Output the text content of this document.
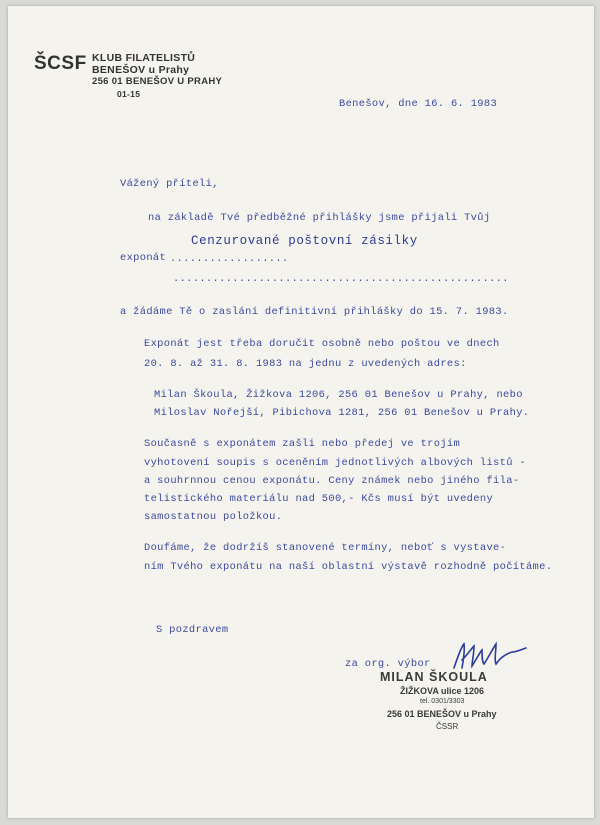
ŠCSF KLUB FILATELISTŮ
BENEŠOV u Prahy
256 01 BENEŠOV U PRAHY
01-15
Benešov, dne 16. 6. 1983
Vážený příteli,
na základě Tvé předběžné přihlášky jsme přijali Tvůj
exponát ..................
Cenzurované poštovní zásilky
...................................................
a žádáme Tě o zaslání definitivní přihlášky do 15. 7. 1983.
Exponát jest třeba doručit osobně nebo poštou ve dnech
20. 8. až 31. 8. 1983 na jednu z uvedených adres:
Milan Škoula, Žižkova 1206, 256 01 Benešov u Prahy, nebo
Miloslav Nořejší, Pibichova 1281, 256 01 Benešov u Prahy.
Současně s exponátem zašli nebo předej ve trojím
vyhotovení soupis s oceněním jednotlivých albových listů -
a souhrnnou cenou exponátu. Ceny známek nebo jiného fila-
telistického materiálu nad 500,- Kčs musí být uvedeny
samostatnou položkou.
Doufáme, že dodržíš stanovené termíny, neboť s vystave-
ním Tvého exponátu na naší oblastní výstavě rozhodně počítáme.
S pozdravem
za org. výbor
MILAN ŠKOULA
ŽIŽKOVA ulice 1206
tel. 0301/3303
256 01 BENEŠOV u Prahy
ČSSR
